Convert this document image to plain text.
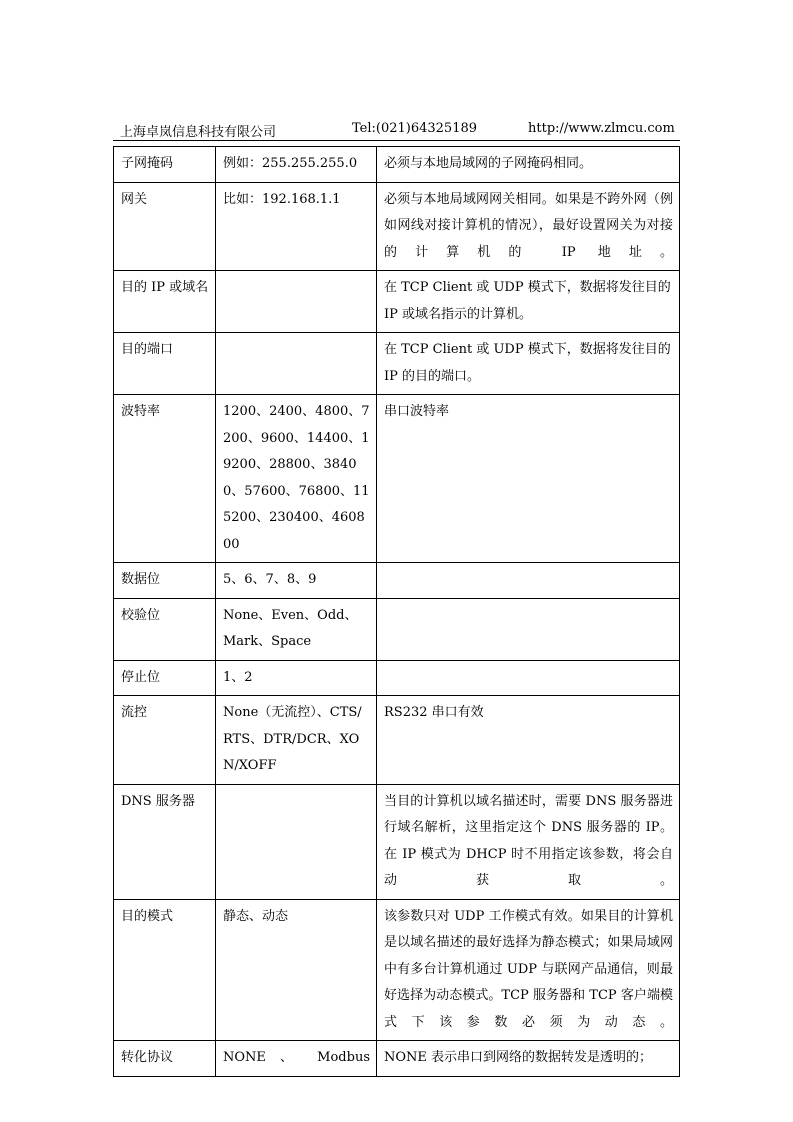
上海卓岚信息科技有限公司	Tel:(021)64325189	http://www.zlmcu.com
子网掩码	例如：255.255.255.0	必须与本地局域网的子网掩码相同。
网关	比如：192.168.1.1	必须与本地局域网网关相同。如果是不跨外网（例如网线对接计算机的情况），最好设置网关为对接的计算机的 IP 地址。
目的 IP 或域名		在 TCP Client 或 UDP 模式下，数据将发往目的 IP 或域名指示的计算机。
目的端口		在 TCP Client 或 UDP 模式下，数据将发往目的 IP 的目的端口。
波特率	1200、2400、4800、7200、9600、14400、19200、28800、38400、57600、76800、115200、230400、460800	串口波特率
数据位	5、6、7、8、9	
校验位	None、Even、Odd、Mark、Space	
停止位	1、2	
流控	None（无流控）、CTS/RTS、DTR/DCR、XON/XOFF	RS232 串口有效
DNS 服务器		当目的计算机以域名描述时，需要 DNS 服务器进行域名解析，这里指定这个 DNS 服务器的 IP。在 IP 模式为 DHCP 时不用指定该参数，将会自动获取。
目的模式	静态、动态	该参数只对 UDP 工作模式有效。如果目的计算机是以域名描述的最好选择为静态模式；如果局域网中有多台计算机通过 UDP 与联网产品通信，则最好选择为动态模式。TCP 服务器和 TCP 客户端模式下该参数必须为动态。
转化协议	NONE 、 Modbus	NONE 表示串口到网络的数据转发是透明的；
